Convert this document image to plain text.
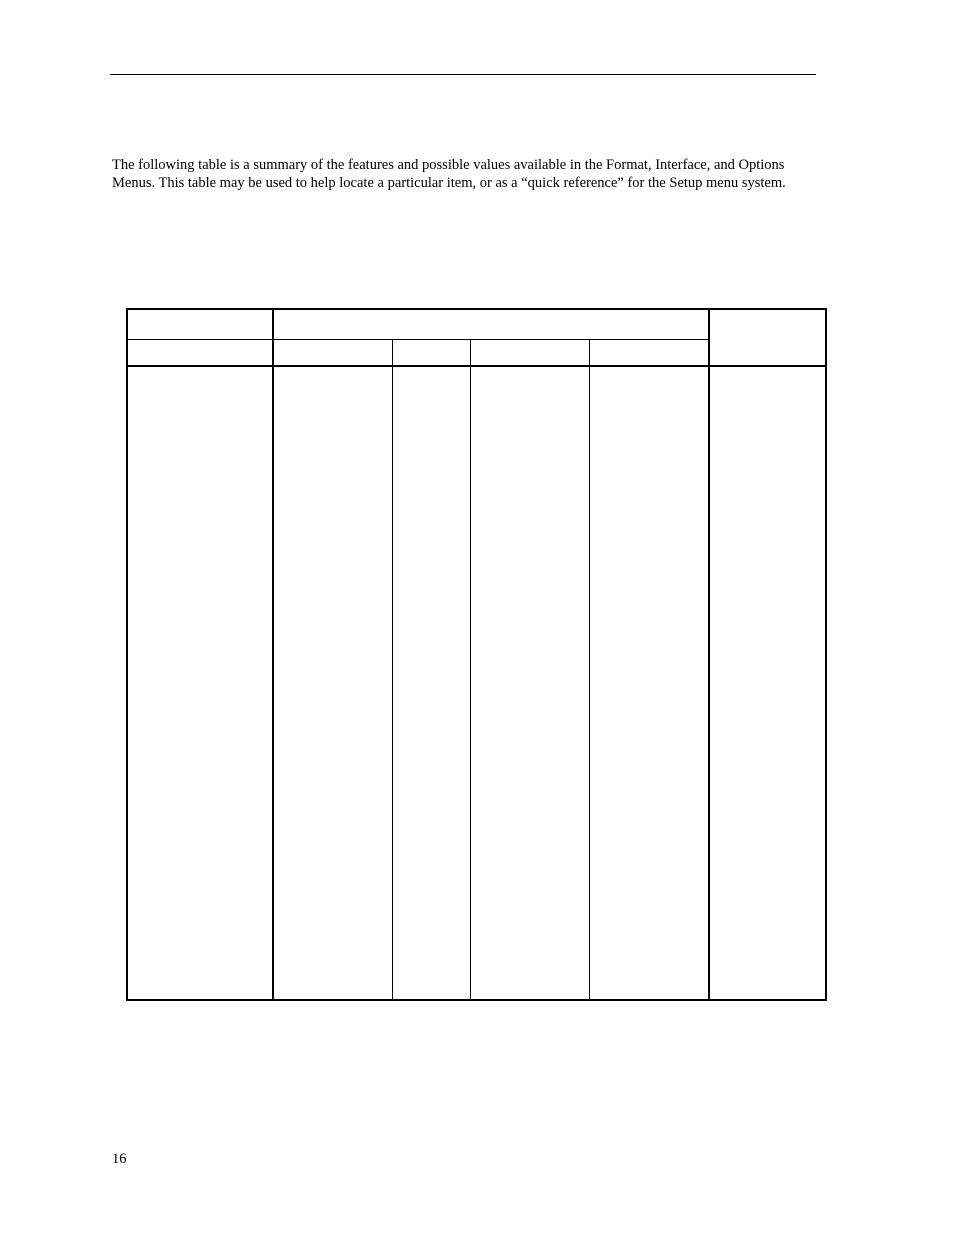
The following table is a summary of the features and possible values available in the Format, Interface, and Options Menus. This table may be used to help locate a particular item, or as a “quick reference” for the Setup menu system.
16
